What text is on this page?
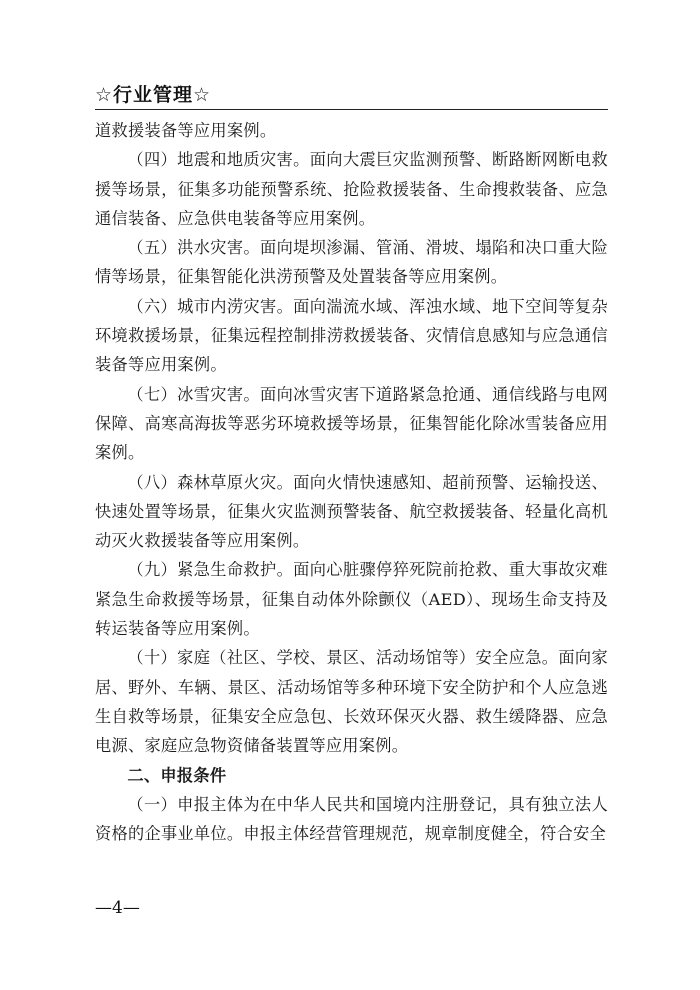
☆行业管理☆

道救援装备等应用案例。

（四）地震和地质灾害。面向大震巨灾监测预警、断路断网断电救援等场景，征集多功能预警系统、抢险救援装备、生命搜救装备、应急通信装备、应急供电装备等应用案例。

（五）洪水灾害。面向堤坝渗漏、管涌、滑坡、塌陷和决口重大险情等场景，征集智能化洪涝预警及处置装备等应用案例。

（六）城市内涝灾害。面向湍流水域、浑浊水域、地下空间等复杂环境救援场景，征集远程控制排涝救援装备、灾情信息感知与应急通信装备等应用案例。

（七）冰雪灾害。面向冰雪灾害下道路紧急抢通、通信线路与电网保障、高寒高海拔等恶劣环境救援等场景，征集智能化除冰雪装备应用案例。

（八）森林草原火灾。面向火情快速感知、超前预警、运输投送、快速处置等场景，征集火灾监测预警装备、航空救援装备、轻量化高机动灭火救援装备等应用案例。

（九）紧急生命救护。面向心脏骤停猝死院前抢救、重大事故灾难紧急生命救援等场景，征集自动体外除颤仪（AED）、现场生命支持及转运装备等应用案例。

（十）家庭（社区、学校、景区、活动场馆等）安全应急。面向家居、野外、车辆、景区、活动场馆等多种环境下安全防护和个人应急逃生自救等场景，征集安全应急包、长效环保灭火器、救生缓降器、应急电源、家庭应急物资储备装置等应用案例。

二、申报条件

（一）申报主体为在中华人民共和国境内注册登记，具有独立法人资格的企事业单位。申报主体经营管理规范，规章制度健全，符合安全

—4—
